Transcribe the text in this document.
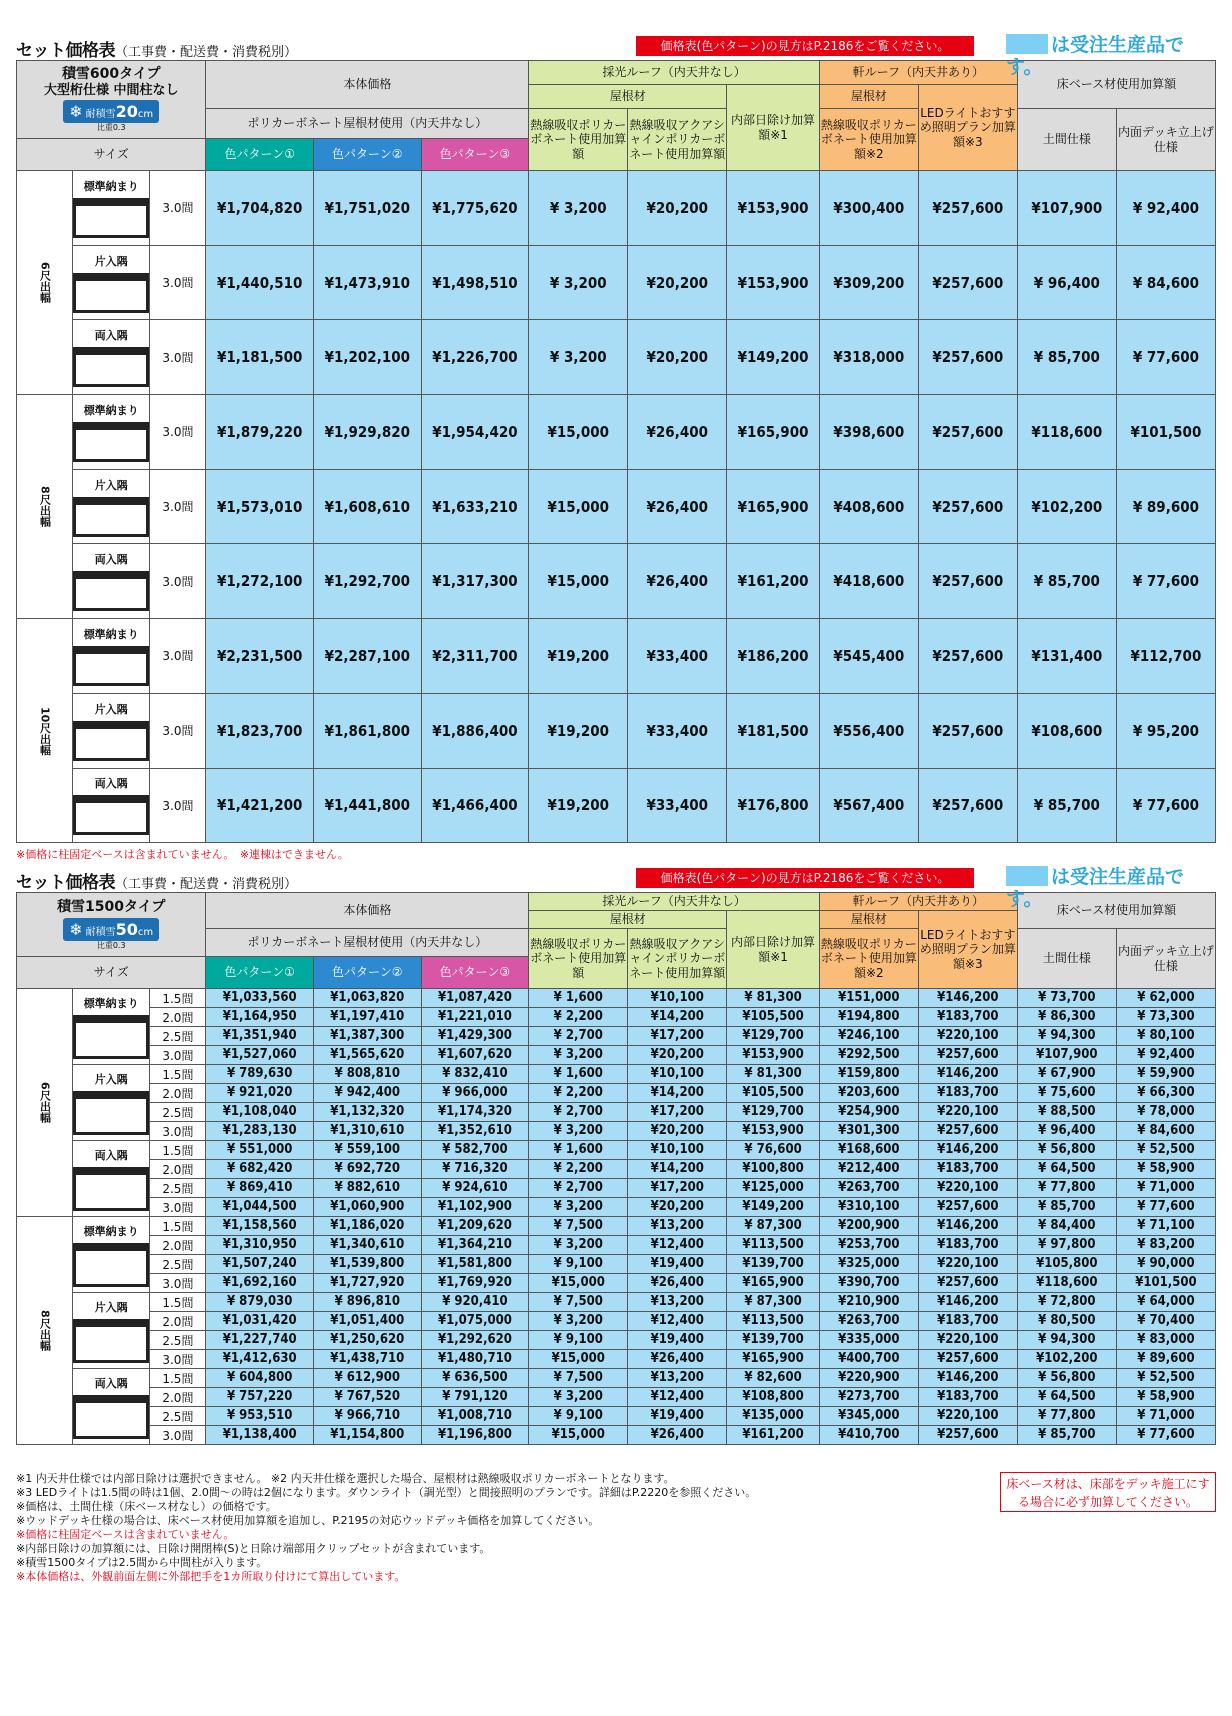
セット価格表（工事費・配送費・消費税別）	価格表(色パターン)の見方はP.2186をご覧ください。	は受注生産品です。
積雪600タイプ
大型桁仕様 中間柱なし
❄ 耐積雪20cm
比重0.3			本体価格			採光ルーフ（内天井なし）			軒ルーフ（内天井あり）		床ベース材使用加算額	
						屋根材		内部日除け加算額※1	屋根材	LEDライトおすすめ照明プラン加算額※3		
			ポリカーボネート屋根材使用（内天井なし）			熱線吸収ポリカーボネート使用加算額	熱線吸収アクアシャインポリカーボネート使用加算額		熱線吸収ポリカーボネート使用加算額※2		土間仕様	内面デッキ立上げ仕様
サイズ			色パターン①	色パターン②	色パターン③							
6尺出幅	標準納まり	3.0間	¥1,704,820	¥1,751,020	¥1,775,620	¥ 3,200	¥20,200	¥153,900	¥300,400	¥257,600	¥107,900	¥ 92,400

	片入隅	3.0間	¥1,440,510	¥1,473,910	¥1,498,510	¥ 3,200	¥20,200	¥153,900	¥309,200	¥257,600	¥ 96,400	¥ 84,600

	両入隅	3.0間	¥1,181,500	¥1,202,100	¥1,226,700	¥ 3,200	¥20,200	¥149,200	¥318,000	¥257,600	¥ 85,700	¥ 77,600
8尺出幅	標準納まり	3.0間	¥1,879,220	¥1,929,820	¥1,954,420	¥15,000	¥26,400	¥165,900	¥398,600	¥257,600	¥118,600	¥101,500

	片入隅	3.0間	¥1,573,010	¥1,608,610	¥1,633,210	¥15,000	¥26,400	¥165,900	¥408,600	¥257,600	¥102,200	¥ 89,600

	両入隅	3.0間	¥1,272,100	¥1,292,700	¥1,317,300	¥15,000	¥26,400	¥161,200	¥418,600	¥257,600	¥ 85,700	¥ 77,600
10尺出幅	標準納まり	3.0間	¥2,231,500	¥2,287,100	¥2,311,700	¥19,200	¥33,400	¥186,200	¥545,400	¥257,600	¥131,400	¥112,700

	片入隅	3.0間	¥1,823,700	¥1,861,800	¥1,886,400	¥19,200	¥33,400	¥181,500	¥556,400	¥257,600	¥108,600	¥ 95,200

	両入隅	3.0間	¥1,421,200	¥1,441,800	¥1,466,400	¥19,200	¥33,400	¥176,800	¥567,400	¥257,600	¥ 85,700	¥ 77,600
※価格に柱固定ベースは含まれていません。　 ※連棟はできません。
セット価格表（工事費・配送費・消費税別）	価格表(色パターン)の見方はP.2186をご覧ください。	は受注生産品です。
積雪1500タイプ
❄ 耐積雪50cm
比重0.3			本体価格			採光ルーフ（内天井なし）			軒ルーフ（内天井あり）		床ベース材使用加算額	
						屋根材		内部日除け加算額※1	屋根材	LEDライトおすすめ照明プラン加算額※3		
			ポリカーボネート屋根材使用（内天井なし）			熱線吸収ポリカーボネート使用加算額	熱線吸収アクアシャインポリカーボネート使用加算額		熱線吸収ポリカーボネート使用加算額※2		土間仕様	内面デッキ立上げ仕様
サイズ			色パターン①	色パターン②	色パターン③							
6尺出幅	標準納まり	1.5間	¥1,033,560	¥1,063,820	¥1,087,420	¥ 1,600	¥10,100	¥ 81,300	¥151,000	¥146,200	¥ 73,700	¥ 62,000
		2.0間	¥1,164,950	¥1,197,410	¥1,221,010	¥ 2,200	¥14,200	¥105,500	¥194,800	¥183,700	¥ 86,300	¥ 73,300
		2.5間	¥1,351,940	¥1,387,300	¥1,429,300	¥ 2,700	¥17,200	¥129,700	¥246,100	¥220,100	¥ 94,300	¥ 80,100
		3.0間	¥1,527,060	¥1,565,620	¥1,607,620	¥ 3,200	¥20,200	¥153,900	¥292,500	¥257,600	¥107,900	¥ 92,400

	片入隅	1.5間	¥ 789,630	¥ 808,810	¥ 832,410	¥ 1,600	¥10,100	¥ 81,300	¥159,800	¥146,200	¥ 67,900	¥ 59,900
		2.0間	¥ 921,020	¥ 942,400	¥ 966,000	¥ 2,200	¥14,200	¥105,500	¥203,600	¥183,700	¥ 75,600	¥ 66,300
		2.5間	¥1,108,040	¥1,132,320	¥1,174,320	¥ 2,700	¥17,200	¥129,700	¥254,900	¥220,100	¥ 88,500	¥ 78,000
		3.0間	¥1,283,130	¥1,310,610	¥1,352,610	¥ 3,200	¥20,200	¥153,900	¥301,300	¥257,600	¥ 96,400	¥ 84,600

	両入隅	1.5間	¥ 551,000	¥ 559,100	¥ 582,700	¥ 1,600	¥10,100	¥ 76,600	¥168,600	¥146,200	¥ 56,800	¥ 52,500
		2.0間	¥ 682,420	¥ 692,720	¥ 716,320	¥ 2,200	¥14,200	¥100,800	¥212,400	¥183,700	¥ 64,500	¥ 58,900
		2.5間	¥ 869,410	¥ 882,610	¥ 924,610	¥ 2,700	¥17,200	¥125,000	¥263,700	¥220,100	¥ 77,800	¥ 71,000
		3.0間	¥1,044,500	¥1,060,900	¥1,102,900	¥ 3,200	¥20,200	¥149,200	¥310,100	¥257,600	¥ 85,700	¥ 77,600
8尺出幅	標準納まり	1.5間	¥1,158,560	¥1,186,020	¥1,209,620	¥ 7,500	¥13,200	¥ 87,300	¥200,900	¥146,200	¥ 84,400	¥ 71,100
		2.0間	¥1,310,950	¥1,340,610	¥1,364,210	¥ 3,200	¥12,400	¥113,500	¥253,700	¥183,700	¥ 97,800	¥ 83,200
		2.5間	¥1,507,240	¥1,539,800	¥1,581,800	¥ 9,100	¥19,400	¥139,700	¥325,000	¥220,100	¥105,800	¥ 90,000
		3.0間	¥1,692,160	¥1,727,920	¥1,769,920	¥15,000	¥26,400	¥165,900	¥390,700	¥257,600	¥118,600	¥101,500

	片入隅	1.5間	¥ 879,030	¥ 896,810	¥ 920,410	¥ 7,500	¥13,200	¥ 87,300	¥210,900	¥146,200	¥ 72,800	¥ 64,000
		2.0間	¥1,031,420	¥1,051,400	¥1,075,000	¥ 3,200	¥12,400	¥113,500	¥263,700	¥183,700	¥ 80,500	¥ 70,400
		2.5間	¥1,227,740	¥1,250,620	¥1,292,620	¥ 9,100	¥19,400	¥139,700	¥335,000	¥220,100	¥ 94,300	¥ 83,000
		3.0間	¥1,412,630	¥1,438,710	¥1,480,710	¥15,000	¥26,400	¥165,900	¥400,700	¥257,600	¥102,200	¥ 89,600

	両入隅	1.5間	¥ 604,800	¥ 612,900	¥ 636,500	¥ 7,500	¥13,200	¥ 82,600	¥220,900	¥146,200	¥ 56,800	¥ 52,500
		2.0間	¥ 757,220	¥ 767,520	¥ 791,120	¥ 3,200	¥12,400	¥108,800	¥273,700	¥183,700	¥ 64,500	¥ 58,900
		2.5間	¥ 953,510	¥ 966,710	¥1,008,710	¥ 9,100	¥19,400	¥135,000	¥345,000	¥220,100	¥ 77,800	¥ 71,000
		3.0間	¥1,138,400	¥1,154,800	¥1,196,800	¥15,000	¥26,400	¥161,200	¥410,700	¥257,600	¥ 85,700	¥ 77,600
※1 内天井仕様では内部日除けは選択できません。 ※2 内天井仕様を選択した場合、屋根材は熱線吸収ポリカーボネートとなります。
※3 LEDライトは1.5間の時は1個、2.0間〜の時は2個になります。ダウンライト（調光型）と間接照明のプランです。詳細はP.2220を参照ください。
※価格は、土間仕様（床ベース材なし）の価格です。
※ウッドデッキ仕様の場合は、床ベース材使用加算額を追加し、P.2195の対応ウッドデッキ価格を加算してください。
※価格に柱固定ベースは含まれていません。
※内部日除けの加算額には、日除け開閉棒(S)と日除け端部用クリップセットが含まれています。
※積雪1500タイプは2.5間から中間柱が入ります。
※本体価格は、外観前面左側に外部把手を1カ所取り付けにて算出しています。
床ベース材は、床部をデッキ施工にする場合に必ず加算してください。
